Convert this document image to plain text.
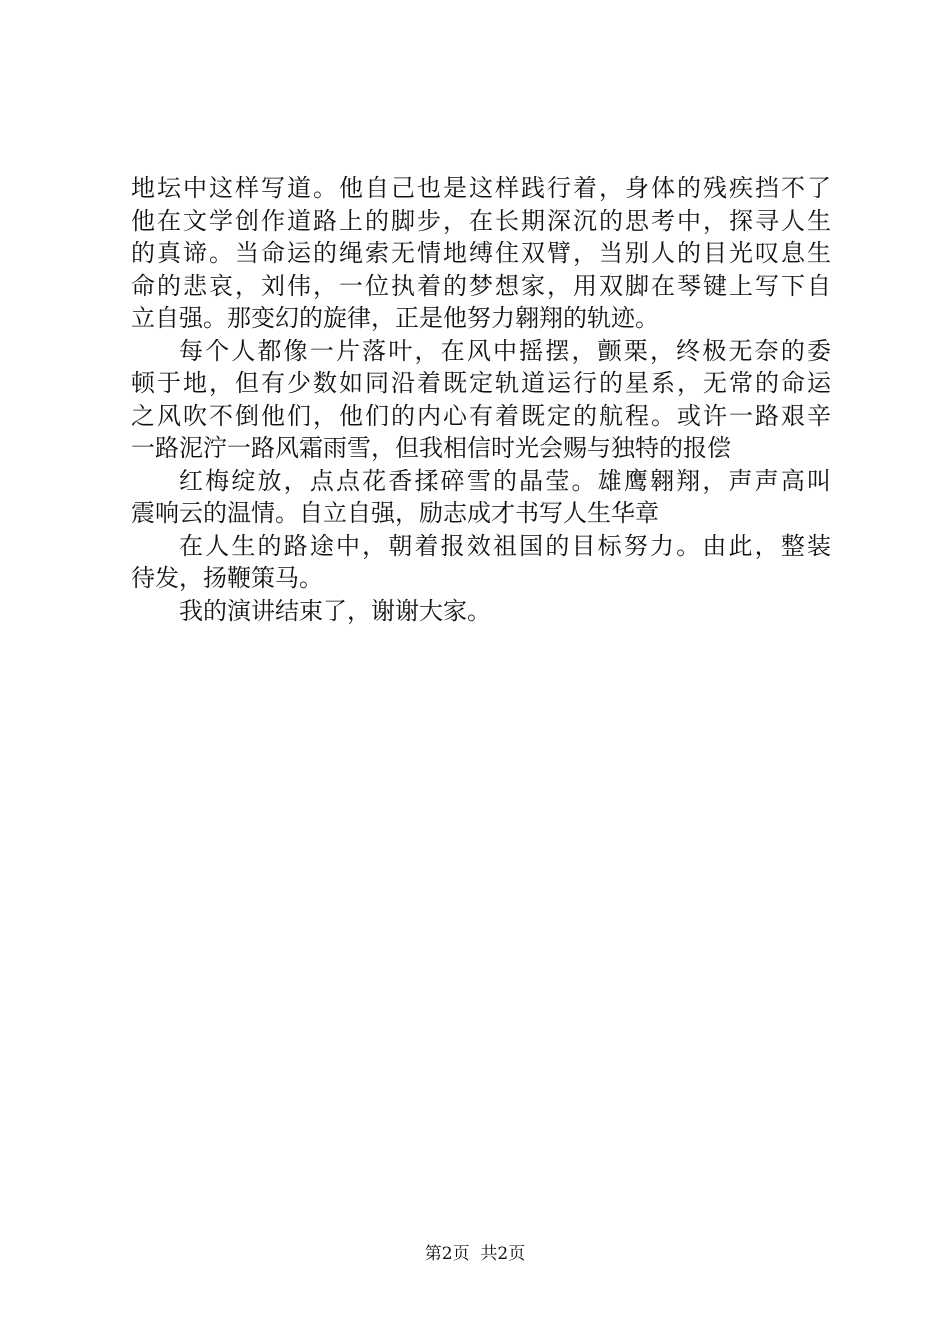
地坛中这样写道。他自己也是这样践行着，身体的残疾挡不了
他在文学创作道路上的脚步，在长期深沉的思考中，探寻人生
的真谛。当命运的绳索无情地缚住双臂，当别人的目光叹息生
命的悲哀，刘伟，一位执着的梦想家，用双脚在琴键上写下自
立自强。那变幻的旋律，正是他努力翱翔的轨迹。
每个人都像一片落叶，在风中摇摆，颤栗，终极无奈的委
顿于地，但有少数如同沿着既定轨道运行的星系，无常的命运
之风吹不倒他们，他们的内心有着既定的航程。或许一路艰辛
一路泥泞一路风霜雨雪，但我相信时光会赐与独特的报偿
红梅绽放，点点花香揉碎雪的晶莹。雄鹰翱翔，声声高叫
震响云的温情。自立自强，励志成才书写人生华章
在人生的路途中，朝着报效祖国的目标努力。由此，整装
待发，扬鞭策马。
我的演讲结束了，谢谢大家。
第2页  共2页
